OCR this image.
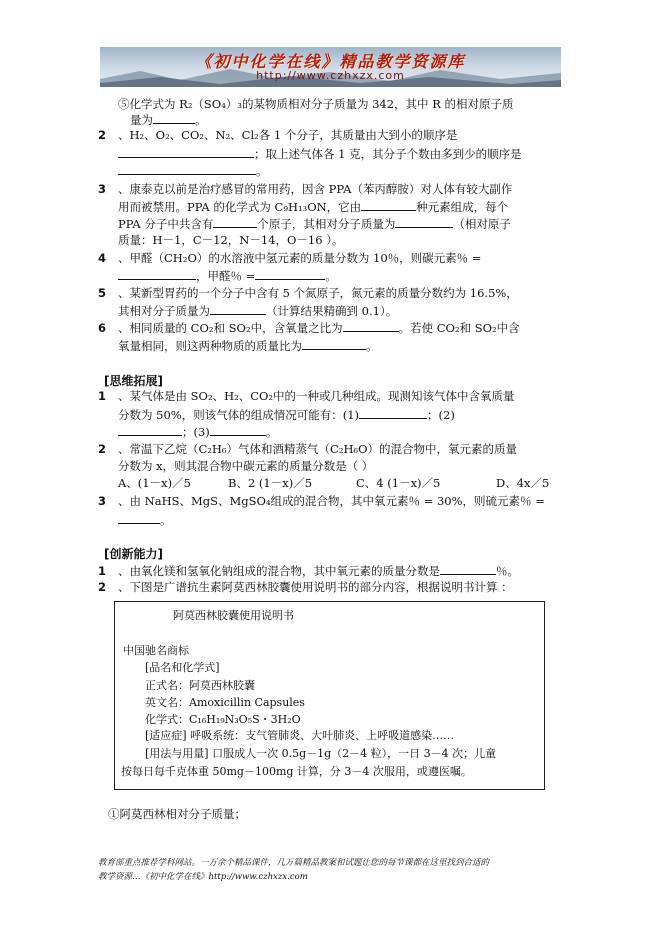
《初中化学在线》精品教学资源库
http://www.czhxzx.com
⑤化学式为 R₂（SO₄）₃的某物质相对分子质量为 342，其中 R 的相对原子质
量为	。
2 、H₂、O₂、CO₂、N₂、Cl₂各 1 个分子，其质量由大到小的顺序是
；取上述气体各 1 克，其分子个数由多到少的顺序是
。
3 、康泰克以前是治疗感冒的常用药，因含 PPA（苯丙醇胺）对人体有较大副作
用而被禁用。PPA 的化学式为 C₉H₁₃ON，它由	种元素组成，每个
PPA 分子中共含有	个原子，其相对分子质量为	（相对原子
质量：H－1，C－12，N－14，O－16 ）。
4 、甲醛（CH₂O）的水溶液中氢元素的质量分数为 10％，则碳元素％ =
，甲醛％ =	。
5 、某新型胃药的一个分子中含有 5 个氮原子，氮元素的质量分数约为 16.5%，
其相对分子质量为	（计算结果精确到 0.1）。
6 、相同质量的 CO₂和 SO₂中，含氧量之比为	。若使 CO₂和 SO₂中含
氧量相同，则这两种物质的质量比为	。
[思维拓展]
1 、某气体是由 SO₂、H₂、CO₂中的一种或几种组成。现测知该气体中含氧质量
分数为 50%，则该气体的组成情况可能有：(1)	；(2)
；(3)	。
2 、常温下乙烷（C₂H₆）气体和酒精蒸气（C₂H₆O）的混合物中，氧元素的质量
分数为 x，则其混合物中碳元素的质量分数是（ ）
A、(1－x)／5	B、2 (1－x)／5	C、4 (1－x)／5	D、4x／5
3 、由 NaHS、MgS、MgSO₄组成的混合物，其中氧元素％ = 30%，则硫元素％ =
。
[创新能力]
1 、由氧化镁和氢氧化钠组成的混合物，其中氧元素的质量分数是	％。
2 、下图是广谱抗生素阿莫西林胶囊使用说明书的部分内容，根据说明书计算 ：
阿莫西林胶囊使用说明书
中国驰名商标
[品名和化学式]
正式名：阿莫西林胶囊
英文名：Amoxicillin Capsules
化学式：C₁₆H₁₉N₃O₅S・3H₂O
[适应症] 呼吸系统：支气管肺炎、大叶肺炎、上呼吸道感染……
[用法与用量] 口服成人一次 0.5g－1g（2－4 粒），一日 3－4 次；儿童
按每日每千克体重 50mg－100mg 计算，分 3－4 次服用，或遵医嘱。
①阿莫西林相对分子质量；
教育部重点推荐学科网站。一万余个精品课件，几万篇精品教案和试题让您的每节课都在这里找到合适的
教学资源…《初中化学在线》http://www.czhxzx.com
